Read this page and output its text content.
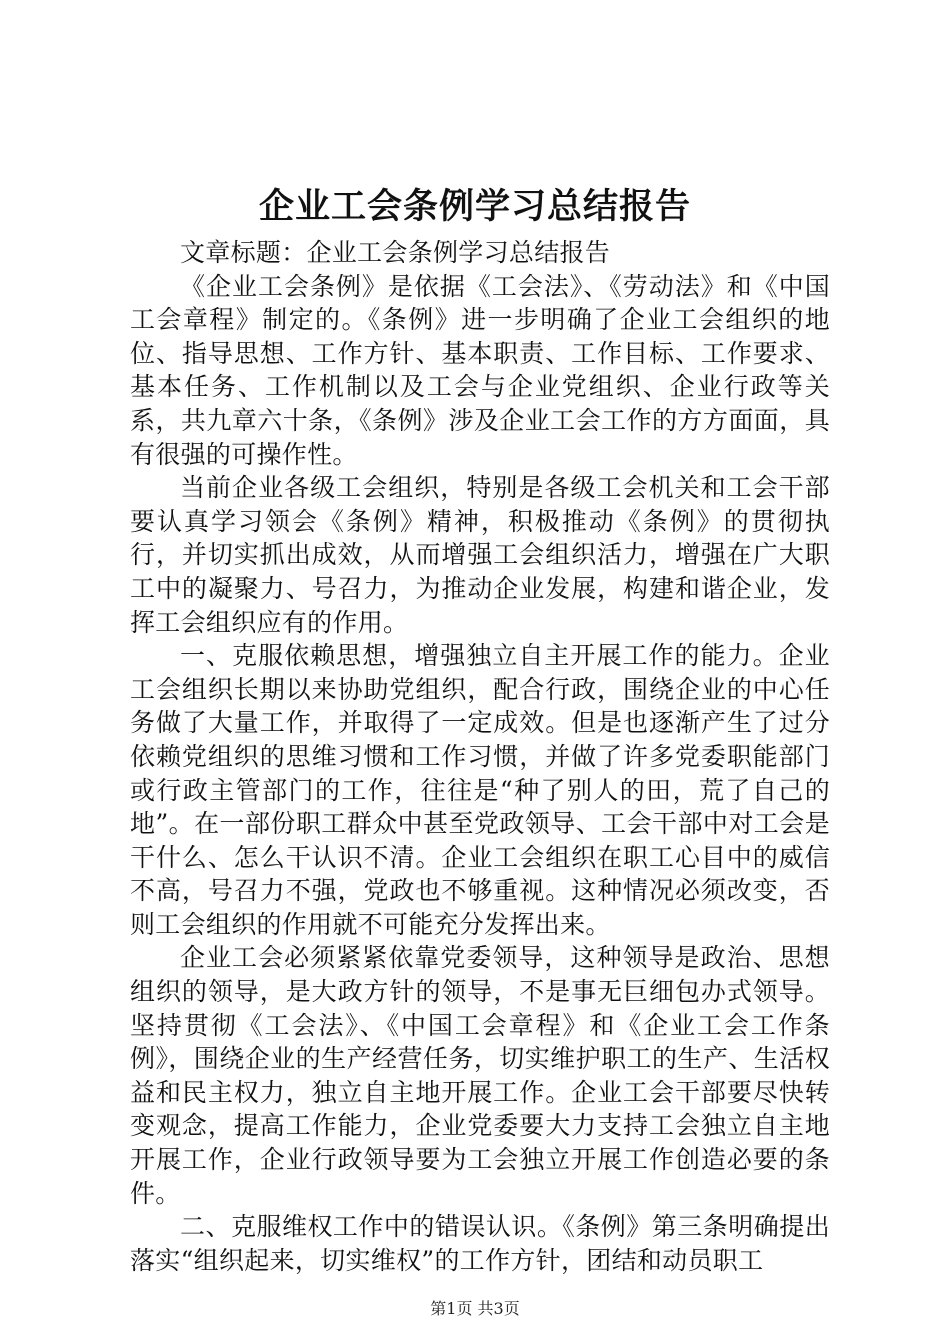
企业工会条例学习总结报告

文章标题：企业工会条例学习总结报告

《企业工会条例》是依据《工会法》、《劳动法》和《中国工会章程》制定的。《条例》进一步明确了企业工会组织的地位、指导思想、工作方针、基本职责、工作目标、工作要求、基本任务、工作机制以及工会与企业党组织、企业行政等关系，共九章六十条，《条例》涉及企业工会工作的方方面面，具有很强的可操作性。

当前企业各级工会组织，特别是各级工会机关和工会干部要认真学习领会《条例》精神，积极推动《条例》的贯彻执行，并切实抓出成效，从而增强工会组织活力，增强在广大职工中的凝聚力、号召力，为推动企业发展，构建和谐企业，发挥工会组织应有的作用。

一、克服依赖思想，增强独立自主开展工作的能力。企业工会组织长期以来协助党组织，配合行政，围绕企业的中心任务做了大量工作，并取得了一定成效。但是也逐渐产生了过分依赖党组织的思维习惯和工作习惯，并做了许多党委职能部门或行政主管部门的工作，往往是“种了别人的田，荒了自己的地”。在一部份职工群众中甚至党政领导、工会干部中对工会是干什么、怎么干认识不清。企业工会组织在职工心目中的威信不高，号召力不强，党政也不够重视。这种情况必须改变，否则工会组织的作用就不可能充分发挥出来。

企业工会必须紧紧依靠党委领导，这种领导是政治、思想组织的领导，是大政方针的领导，不是事无巨细包办式领导。坚持贯彻《工会法》、《中国工会章程》和《企业工会工作条例》，围绕企业的生产经营任务，切实维护职工的生产、生活权益和民主权力，独立自主地开展工作。企业工会干部要尽快转变观念，提高工作能力，企业党委要大力支持工会独立自主地开展工作，企业行政领导要为工会独立开展工作创造必要的条件。

二、克服维权工作中的错误认识。《条例》第三条明确提出落实“组织起来，切实维权”的工作方针，团结和动员职工

第1页 共3页
